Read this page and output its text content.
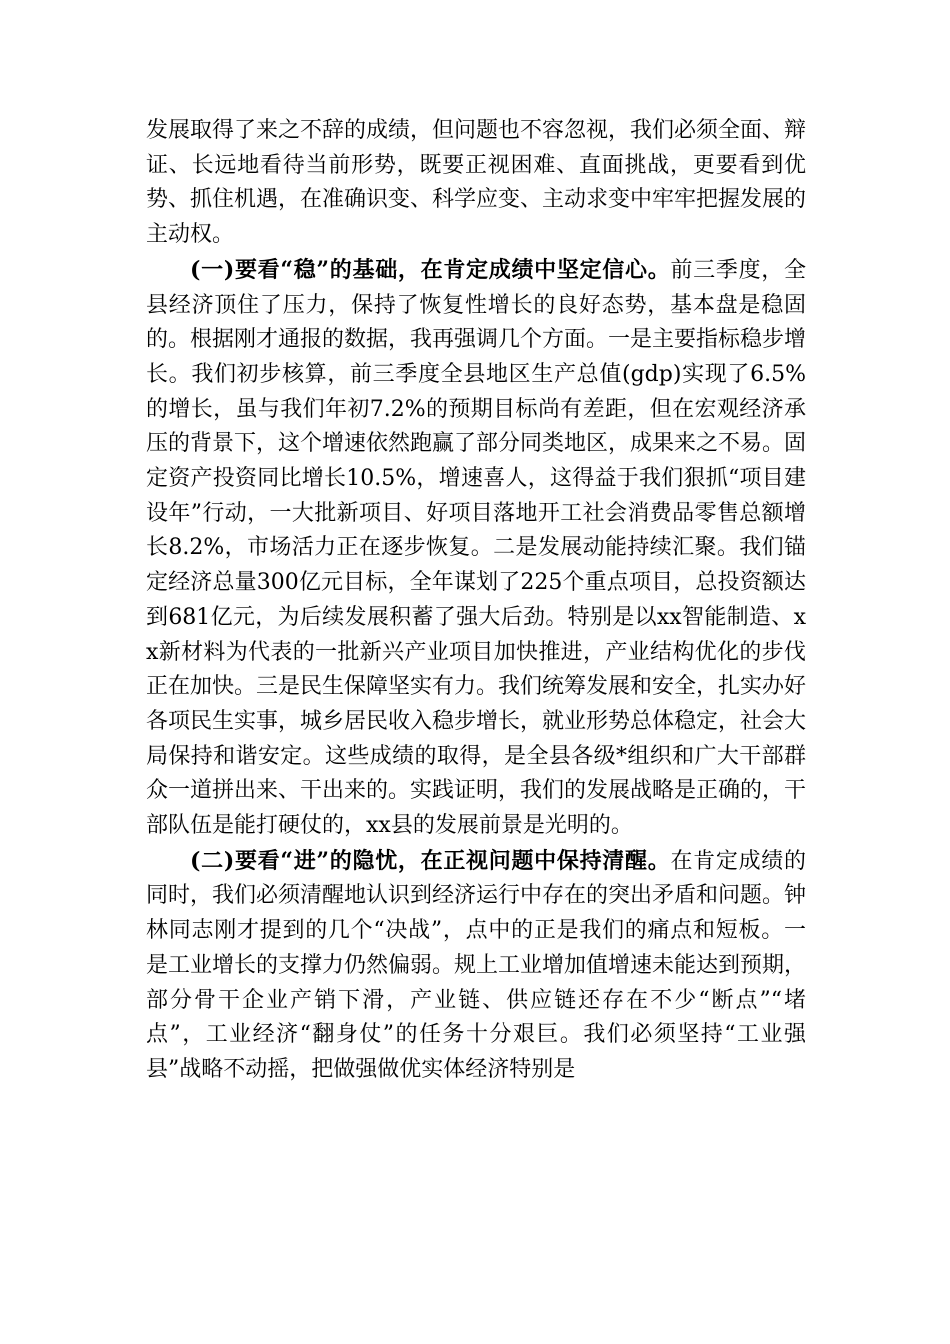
发展取得了来之不辞的成绩，但问题也不容忽视，我们必须全面、辩证、长远地看待当前形势，既要正视困难、直面挑战，更要看到优势、抓住机遇，在准确识变、科学应变、主动求变中牢牢把握发展的主动权。

(一)要看“稳”的基础，在肯定成绩中坚定信心。前三季度，全县经济顶住了压力，保持了恢复性增长的良好态势，基本盘是稳固的。根据刚才通报的数据，我再强调几个方面。一是主要指标稳步增长。我们初步核算，前三季度全县地区生产总值(gdp)实现了6.5%的增长，虽与我们年初7.2%的预期目标尚有差距，但在宏观经济承压的背景下，这个增速依然跑赢了部分同类地区，成果来之不易。固定资产投资同比增长10.5%，增速喜人，这得益于我们狠抓“项目建设年”行动，一大批新项目、好项目落地开工社会消费品零售总额增长8.2%，市场活力正在逐步恢复。二是发展动能持续汇聚。我们锚定经济总量300亿元目标，全年谋划了225个重点项目，总投资额达到681亿元，为后续发展积蓄了强大后劲。特别是以xx智能制造、xx新材料为代表的一批新兴产业项目加快推进，产业结构优化的步伐正在加快。三是民生保障坚实有力。我们统筹发展和安全，扎实办好各项民生实事，城乡居民收入稳步增长，就业形势总体稳定，社会大局保持和谐安定。这些成绩的取得，是全县各级*组织和广大干部群众一道拼出来、干出来的。实践证明，我们的发展战略是正确的，干部队伍是能打硬仗的，xx县的发展前景是光明的。

(二)要看“进”的隐忧，在正视问题中保持清醒。在肯定成绩的同时，我们必须清醒地认识到经济运行中存在的突出矛盾和问题。钟林同志刚才提到的几个“决战”，点中的正是我们的痛点和短板。一是工业增长的支撑力仍然偏弱。规上工业增加值增速未能达到预期，部分骨干企业产销下滑，产业链、供应链还存在不少“断点”“堵点”，工业经济“翻身仗”的任务十分艰巨。我们必须坚持“工业强县”战略不动摇，把做强做优实体经济特别是
